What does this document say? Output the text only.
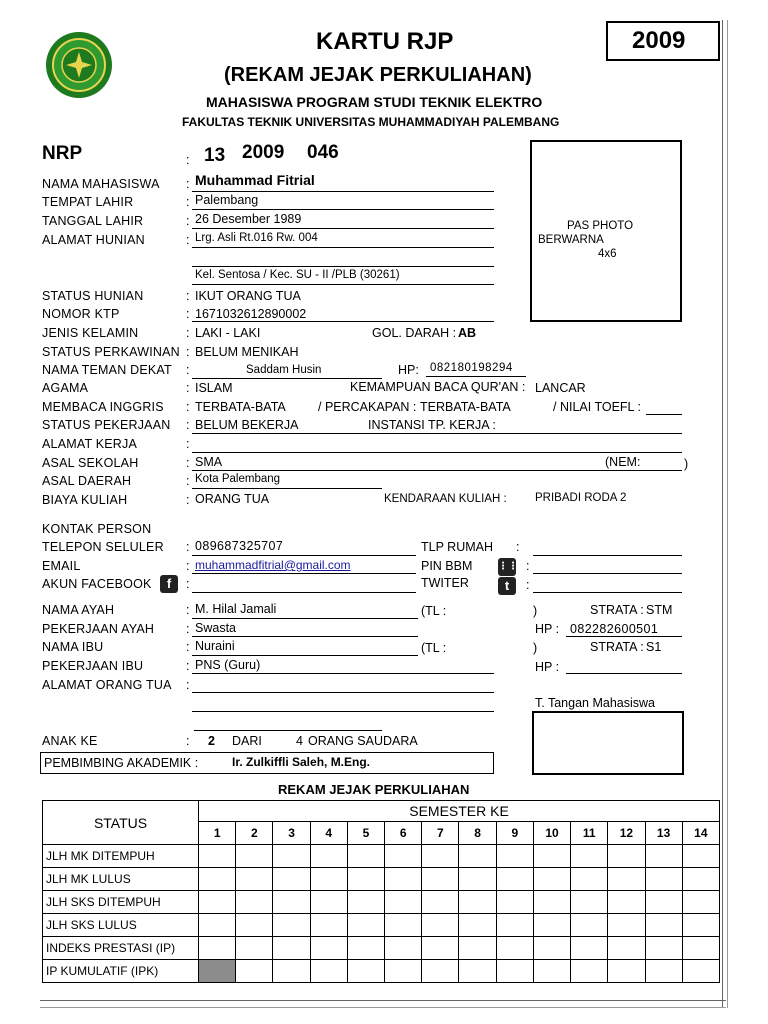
KARTU RJP	2009
(REKAM JEJAK PERKULIAHAN)
MAHASISWA PROGRAM STUDI TEKNIK ELEKTRO
FAKULTAS TEKNIK UNIVERSITAS MUHAMMADIYAH PALEMBANG
PAS PHOTO
BERWARNA
4x6
NRP	: 13 2009 046
NAMA MAHASISWA : Muhammad Fitrial
TEMPAT LAHIR	: Palembang
TANGGAL LAHIR	: 26 Desember 1989
ALAMAT HUNIAN	: Lrg. Asli Rt.016 Rw. 004
Kel. Sentosa / Kec. SU - II /PLB (30261)
STATUS HUNIAN	: IKUT ORANG TUA
NOMOR KTP	: 1671032612890002
JENIS KELAMIN	: LAKI - LAKI	GOL. DARAH : AB
STATUS PERKAWINAN : BELUM MENIKAH
NAMA TEMAN DEKAT :	Saddam Husin	HP: 082180198294
AGAMA	: ISLAM	KEMAMPUAN BACA QUR'AN : LANCAR
MEMBACA INGGRIS : TERBATA-BATA	/ PERCAKAPAN : TERBATA-BATA	/ NILAI TOEFL :
STATUS PEKERJAAN : BELUM BEKERJA	INSTANSI TP. KERJA :
ALAMAT KERJA	:
ASAL SEKOLAH	: SMA	(NEM:	)
ASAL DAERAH	: Kota Palembang
BIAYA KULIAH	: ORANG TUA	KENDARAAN KULIAH : PRIBADI RODA 2
KONTAK PERSON
TELEPON SELULER : 089687325707	TLP RUMAH :
EMAIL	: muhammadfitrial@gmail.com	PIN BBM	⋮⋮ :
AKUN FACEBOOK	f	:	TWITER	t	:
NAMA AYAH	: M. Hilal Jamali	(TL :	)	STRATA : STM
PEKERJAAN AYAH	: Swasta	HP : 082282600501
NAMA IBU	: Nuraini	(TL :	)	STRATA : S1
PEKERJAAN IBU	: PNS (Guru)	HP :
ALAMAT ORANG TUA :
T. Tangan Mahasiswa
ANAK KE	: 2 DARI	4 ORANG SAUDARA
PEMBIMBING AKADEMIK :	Ir. Zulkiffli Saleh, M.Eng.
REKAM JEJAK PERKULIAHAN
STATUS	SEMESTER KE													
	1	2	3	4	5	6	7	8	9	10	11	12	13	14
JLH MK DITEMPUH														
JLH MK LULUS														
JLH SKS DITEMPUH														
JLH SKS LULUS														
INDEKS PRESTASI (IP)														
IP KUMULATIF (IPK)														
